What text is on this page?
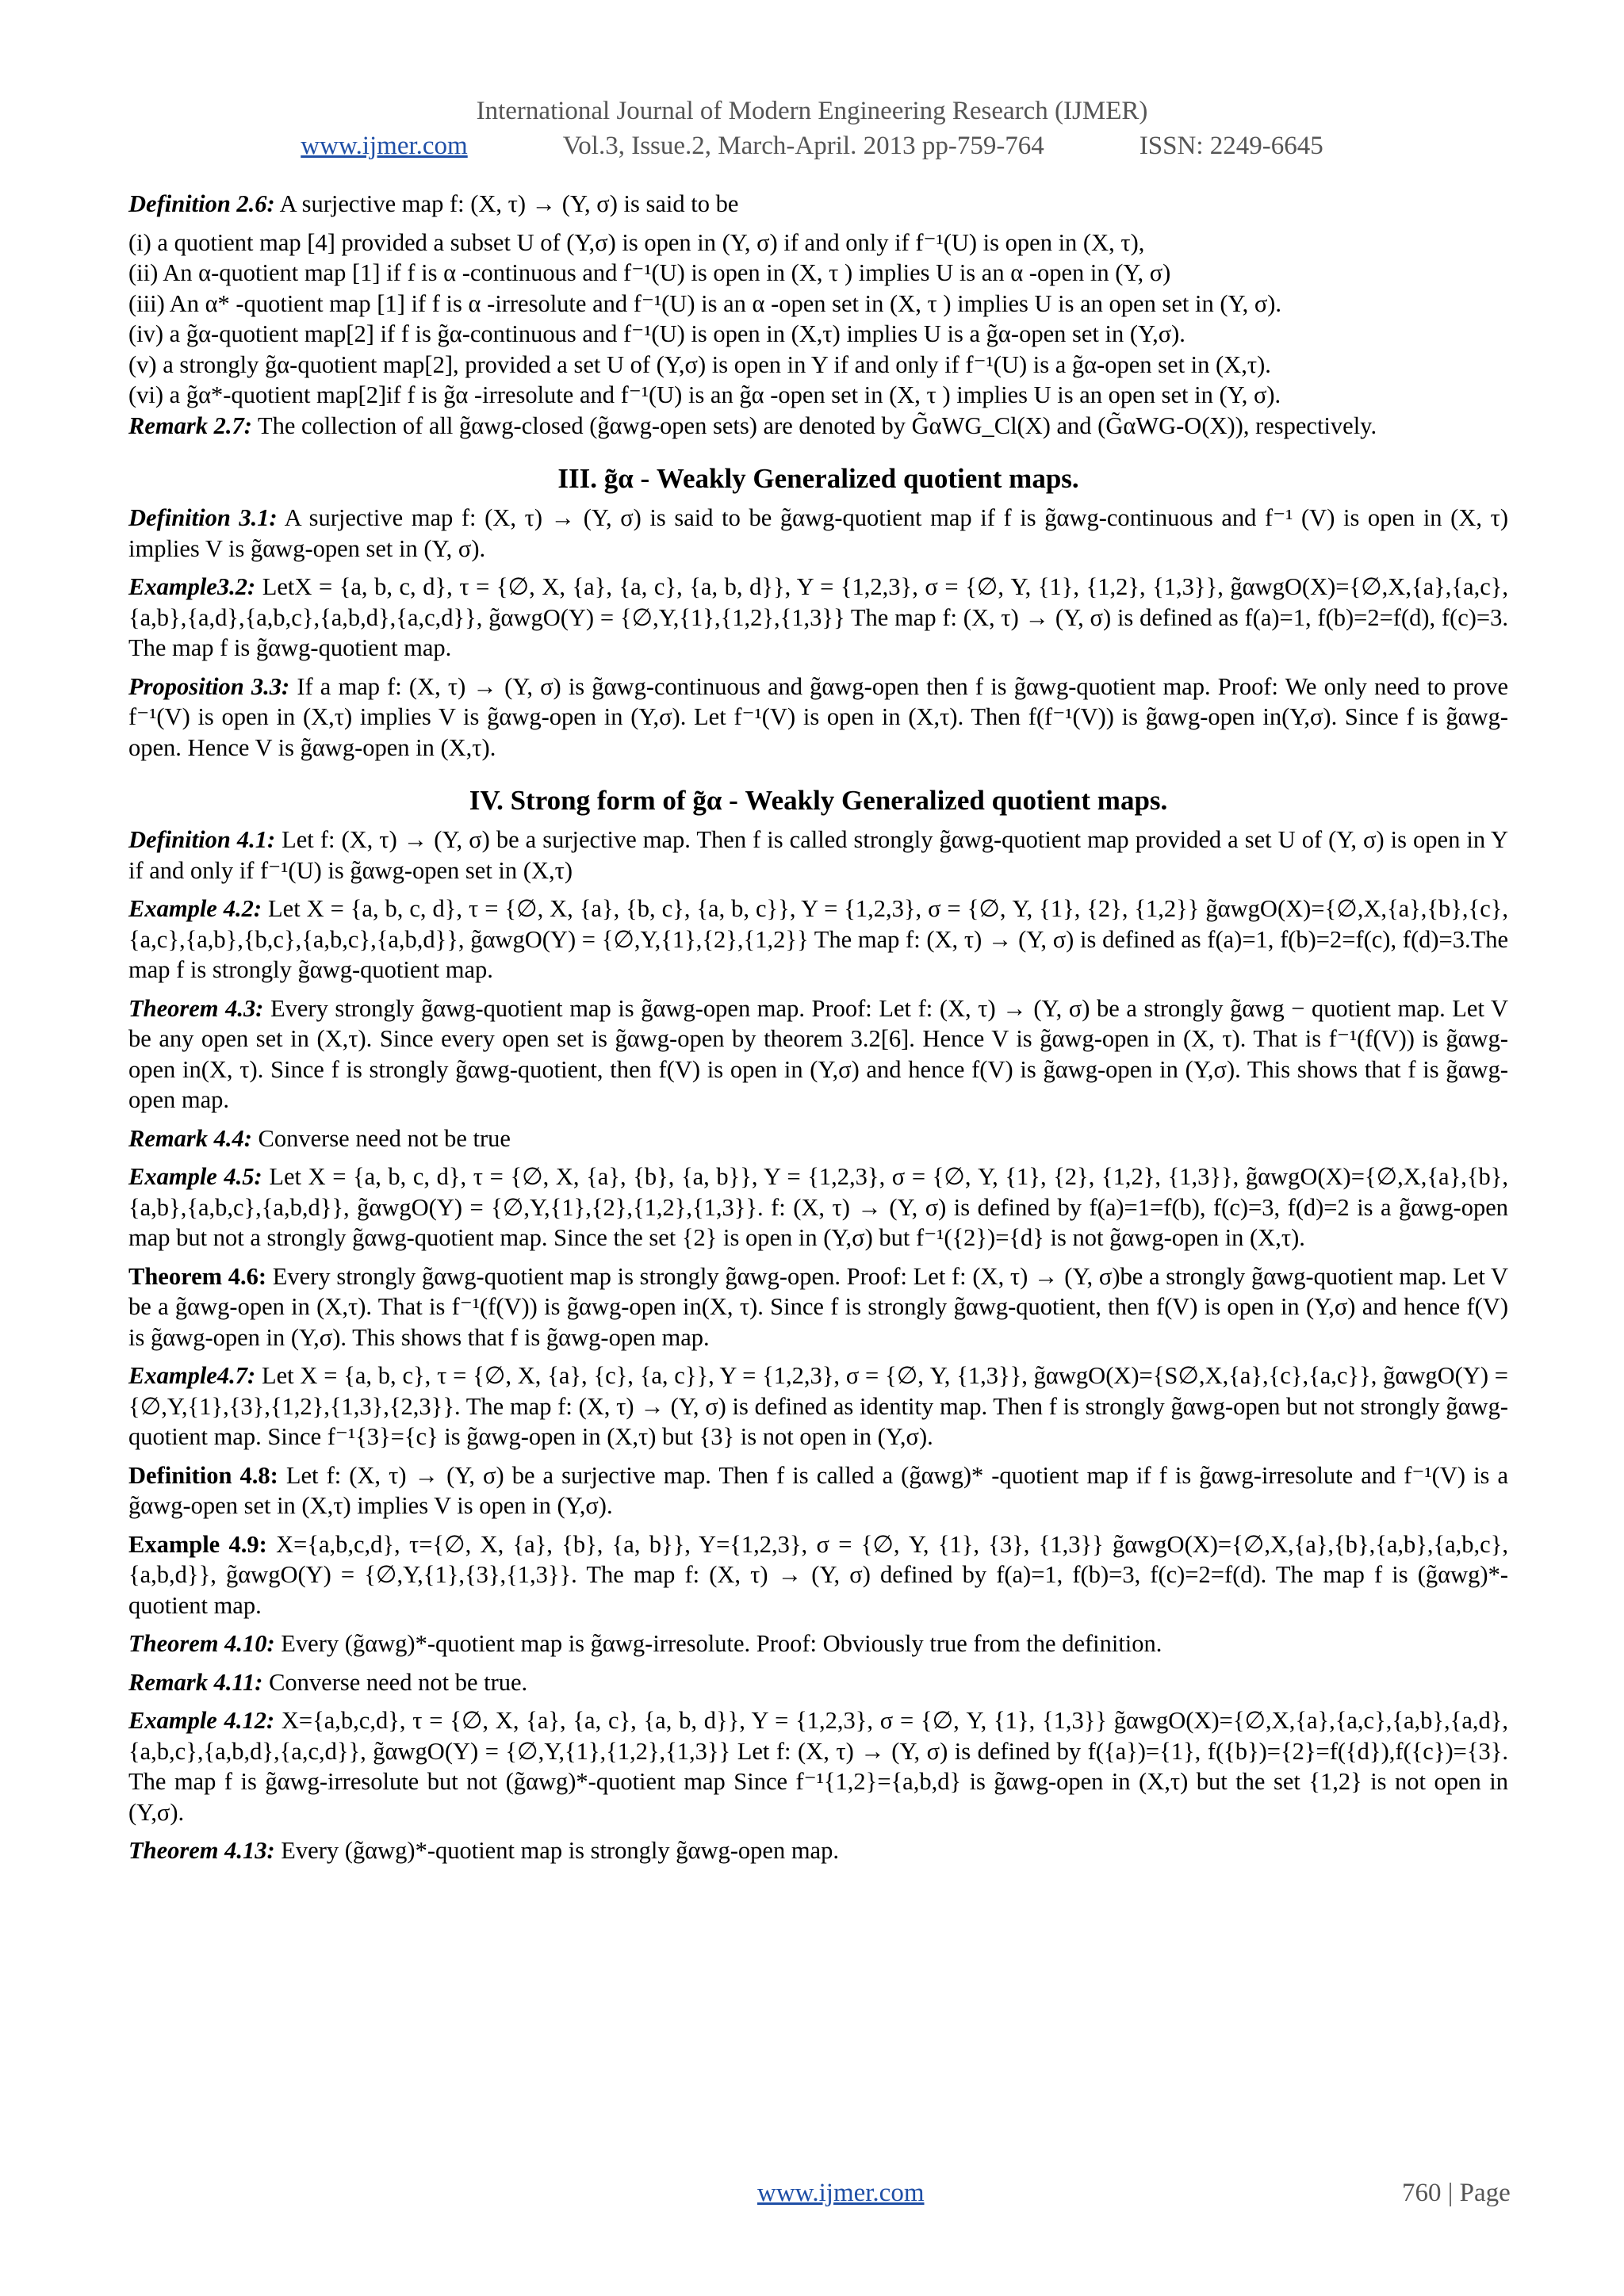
International Journal of Modern Engineering Research (IJMER)
www.ijmer.com	Vol.3, Issue.2, March-April. 2013 pp-759-764	ISSN: 2249-6645

Definition 2.6: A surjective map f: (X, τ) → (Y, σ) is said to be

(i) a quotient map [4] provided a subset U of (Y,σ) is open in (Y, σ) if and only if f⁻¹(U) is open in (X, τ),

(ii) An α-quotient map [1] if f is α -continuous and f⁻¹(U) is open in (X, τ ) implies U is an α -open in (Y, σ)

(iii) An α* -quotient map [1] if f is α -irresolute and f⁻¹(U) is an α -open set in (X, τ ) implies U is an open set in (Y, σ).

(iv) a g̃α-quotient map[2] if f is g̃α-continuous and f⁻¹(U) is open in (X,τ) implies U is a g̃α-open set in (Y,σ).

(v) a strongly g̃α-quotient map[2], provided a set U of (Y,σ) is open in Y if and only if f⁻¹(U) is a g̃α-open set in (X,τ).

(vi) a g̃α*-quotient map[2]if f is g̃α -irresolute and f⁻¹(U) is an g̃α -open set in (X, τ ) implies U is an open set in (Y, σ).

Remark 2.7: The collection of all g̃αwg-closed (g̃αwg-open sets) are denoted by G̃αWG_Cl(X) and (G̃αWG-O(X)), respectively.

III. g̃α - Weakly Generalized quotient maps.

Definition 3.1: A surjective map f: (X, τ) → (Y, σ) is said to be g̃αwg-quotient map if f is g̃αwg-continuous and f⁻¹ (V) is open in (X, τ) implies V is g̃αwg-open set in (Y, σ).

Example3.2: LetX = {a, b, c, d}, τ = {∅, X, {a}, {a, c}, {a, b, d}}, Y = {1,2,3}, σ = {∅, Y, {1}, {1,2}, {1,3}}, g̃αwgO(X)={∅,X,{a},{a,c},{a,b},{a,d},{a,b,c},{a,b,d},{a,c,d}}, g̃αwgO(Y) = {∅,Y,{1},{1,2},{1,3}} The map f: (X, τ) → (Y, σ) is defined as f(a)=1, f(b)=2=f(d), f(c)=3. The map f is g̃αwg-quotient map.

Proposition 3.3: If a map f: (X, τ) → (Y, σ) is g̃αwg-continuous and g̃αwg-open then f is g̃αwg-quotient map. Proof: We only need to prove f⁻¹(V) is open in (X,τ) implies V is g̃αwg-open in (Y,σ). Let f⁻¹(V) is open in (X,τ). Then f(f⁻¹(V)) is g̃αwg-open in(Y,σ). Since f is g̃αwg-open. Hence V is g̃αwg-open in (X,τ).

IV. Strong form of g̃α - Weakly Generalized quotient maps.

Definition 4.1: Let f: (X, τ) → (Y, σ) be a surjective map. Then f is called strongly g̃αwg-quotient map provided a set U of (Y, σ) is open in Y if and only if f⁻¹(U) is g̃αwg-open set in (X,τ)

Example 4.2: Let X = {a, b, c, d}, τ = {∅, X, {a}, {b, c}, {a, b, c}}, Y = {1,2,3}, σ = {∅, Y, {1}, {2}, {1,2}} g̃αwgO(X)={∅,X,{a},{b},{c},{a,c},{a,b},{b,c},{a,b,c},{a,b,d}}, g̃αwgO(Y) = {∅,Y,{1},{2},{1,2}} The map f: (X, τ) → (Y, σ) is defined as f(a)=1, f(b)=2=f(c), f(d)=3.The map f is strongly g̃αwg-quotient map.

Theorem 4.3: Every strongly g̃αwg-quotient map is g̃αwg-open map. Proof: Let f: (X, τ) → (Y, σ) be a strongly g̃αwg − quotient map. Let V be any open set in (X,τ). Since every open set is g̃αwg-open by theorem 3.2[6]. Hence V is g̃αwg-open in (X, τ). That is f⁻¹(f(V)) is g̃αwg-open in(X, τ). Since f is strongly g̃αwg-quotient, then f(V) is open in (Y,σ) and hence f(V) is g̃αwg-open in (Y,σ). This shows that f is g̃αwg-open map.

Remark 4.4: Converse need not be true

Example 4.5: Let X = {a, b, c, d}, τ = {∅, X, {a}, {b}, {a, b}}, Y = {1,2,3}, σ = {∅, Y, {1}, {2}, {1,2}, {1,3}}, g̃αwgO(X)={∅,X,{a},{b},{a,b},{a,b,c},{a,b,d}}, g̃αwgO(Y) = {∅,Y,{1},{2},{1,2},{1,3}}. f: (X, τ) → (Y, σ) is defined by f(a)=1=f(b), f(c)=3, f(d)=2 is a g̃αwg-open map but not a strongly g̃αwg-quotient map. Since the set {2} is open in (Y,σ) but f⁻¹({2})={d} is not g̃αwg-open in (X,τ).

Theorem 4.6: Every strongly g̃αwg-quotient map is strongly g̃αwg-open. Proof: Let f: (X, τ) → (Y, σ)be a strongly g̃αwg-quotient map. Let V be a g̃αwg-open in (X,τ). That is f⁻¹(f(V)) is g̃αwg-open in(X, τ). Since f is strongly g̃αwg-quotient, then f(V) is open in (Y,σ) and hence f(V) is g̃αwg-open in (Y,σ). This shows that f is g̃αwg-open map.

Example4.7: Let X = {a, b, c}, τ = {∅, X, {a}, {c}, {a, c}}, Y = {1,2,3}, σ = {∅, Y, {1,3}}, g̃αwgO(X)={S∅,X,{a},{c},{a,c}}, g̃αwgO(Y) = {∅,Y,{1},{3},{1,2},{1,3},{2,3}}. The map f: (X, τ) → (Y, σ) is defined as identity map. Then f is strongly g̃αwg-open but not strongly g̃αwg-quotient map. Since f⁻¹{3}={c} is g̃αwg-open in (X,τ) but {3} is not open in (Y,σ).

Definition 4.8: Let f: (X, τ) → (Y, σ) be a surjective map. Then f is called a (g̃αwg)* -quotient map if f is g̃αwg-irresolute and f⁻¹(V) is a g̃αwg-open set in (X,τ) implies V is open in (Y,σ).

Example 4.9: X={a,b,c,d}, τ={∅, X, {a}, {b}, {a, b}}, Y={1,2,3}, σ = {∅, Y, {1}, {3}, {1,3}} g̃αwgO(X)={∅,X,{a},{b},{a,b},{a,b,c},{a,b,d}}, g̃αwgO(Y) = {∅,Y,{1},{3},{1,3}}. The map f: (X, τ) → (Y, σ) defined by f(a)=1, f(b)=3, f(c)=2=f(d). The map f is (g̃αwg)*-quotient map.

Theorem 4.10: Every (g̃αwg)*-quotient map is g̃αwg-irresolute. Proof: Obviously true from the definition.

Remark 4.11: Converse need not be true.

Example 4.12: X={a,b,c,d}, τ = {∅, X, {a}, {a, c}, {a, b, d}}, Y = {1,2,3}, σ = {∅, Y, {1}, {1,3}} g̃αwgO(X)={∅,X,{a},{a,c},{a,b},{a,d},{a,b,c},{a,b,d},{a,c,d}}, g̃αwgO(Y) = {∅,Y,{1},{1,2},{1,3}} Let f: (X, τ) → (Y, σ) is defined by f({a})={1}, f({b})={2}=f({d}),f({c})={3}. The map f is g̃αwg-irresolute but not (g̃αwg)*-quotient map Since f⁻¹{1,2}={a,b,d} is g̃αwg-open in (X,τ) but the set {1,2} is not open in (Y,σ).

Theorem 4.13: Every (g̃αwg)*-quotient map is strongly g̃αwg-open map.

www.ijmer.com	760 | Page
